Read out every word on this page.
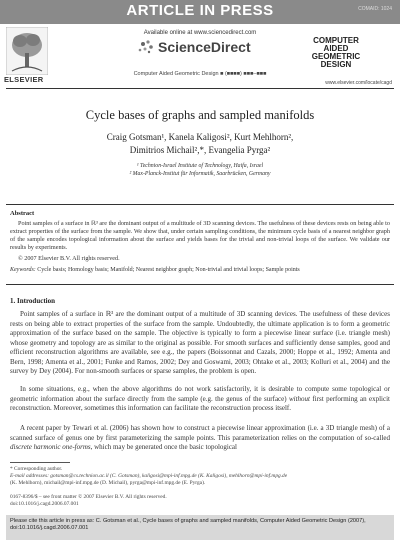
ARTICLE IN PRESS	COMAID: 1024
ELSEVIER
Available online at www.sciencedirect.com
ScienceDirect
Computer Aided Geometric Design ■ (■■■■) ■■■–■■■
COMPUTER
AIDED
GEOMETRIC
DESIGN
www.elsevier.com/locate/cagd
Cycle bases of graphs and sampled manifolds
Craig Gotsman¹, Kanela Kaligosi², Kurt Mehlhorn²,
Dimitrios Michail²,*, Evangelia Pyrga²
¹ Technion-Israel Institute of Technology, Haifa, Israel
² Max-Planck-Institut für Informatik, Saarbrücken, Germany
Abstract
Point samples of a surface in ℝ³ are the dominant output of a multitude of 3D scanning devices. The usefulness of these devices rests on being able to extract properties of the surface from the sample. We show that, under certain sampling conditions, the minimum cycle basis of a nearest neighbor graph of the sample encodes topological information about the surface and yields bases for the trivial and non-trivial loops of the surface. We validate our results by experiments.
© 2007 Elsevier B.V. All rights reserved.
Keywords: Cycle basis; Homology basis; Manifold; Nearest neighbor graph; Non-trivial and trivial loops; Sample points
1. Introduction
Point samples of a surface in ℝ³ are the dominant output of a multitude of 3D scanning devices. The usefulness of these devices rests on being able to extract properties of the surface from the sample. Undoubtedly, the ultimate application is to form a geometric approximation of the surface based on the sample. The objective is typically to form a piecewise linear surface (i.e. triangle mesh) whose geometry and topology are as similar to the original as possible. For smooth surfaces and sufficiently dense samples, good and efficient reconstruction algorithms are available, see e.g., the papers (Boissonnat and Cazals, 2000; Hoppe et al., 1992; Amenta and Bern, 1998; Amenta et al., 2001; Funke and Ramos, 2002; Dey and Goswami, 2003; Ohtake et al., 2003; Kolluri et al., 2004) and the survey by Dey (2004). For non-smooth surfaces or sparse samples, the problem is open.
In some situations, e.g., when the above algorithms do not work satisfactorily, it is desirable to compute some topological or geometric information about the surface directly from the sample (e.g. the genus of the surface) without first performing an explicit reconstruction. Moreover, sometimes this information can facilitate the reconstruction process itself.
A recent paper by Tewari et al. (2006) has shown how to construct a piecewise linear approximation (i.e. a 3D triangle mesh) of a scanned surface of genus one by first parameterizing the sample points. This parameterization relies on the computation of so-called discrete harmonic one-forms, which may be generated once the basic topological
* Corresponding author.
E-mail addresses: gotsman@cs.technion.ac.il (C. Gotsman), kaligosi@mpi-inf.mpg.de (K. Kaligosi), mehlhorn@mpi-inf.mpg.de
(K. Mehlhorn), michail@mpi-inf.mpg.de (D. Michail), pyrga@mpi-inf.mpg.de (E. Pyrga).
0167-8396/$ – see front matter © 2007 Elsevier B.V. All rights reserved.
doi:10.1016/j.cagd.2006.07.001
Please cite this article in press as: C. Gotsman et al., Cycle bases of graphs and sampled manifolds, Computer Aided Geometric Design (2007),
doi:10.1016/j.cagd.2006.07.001
